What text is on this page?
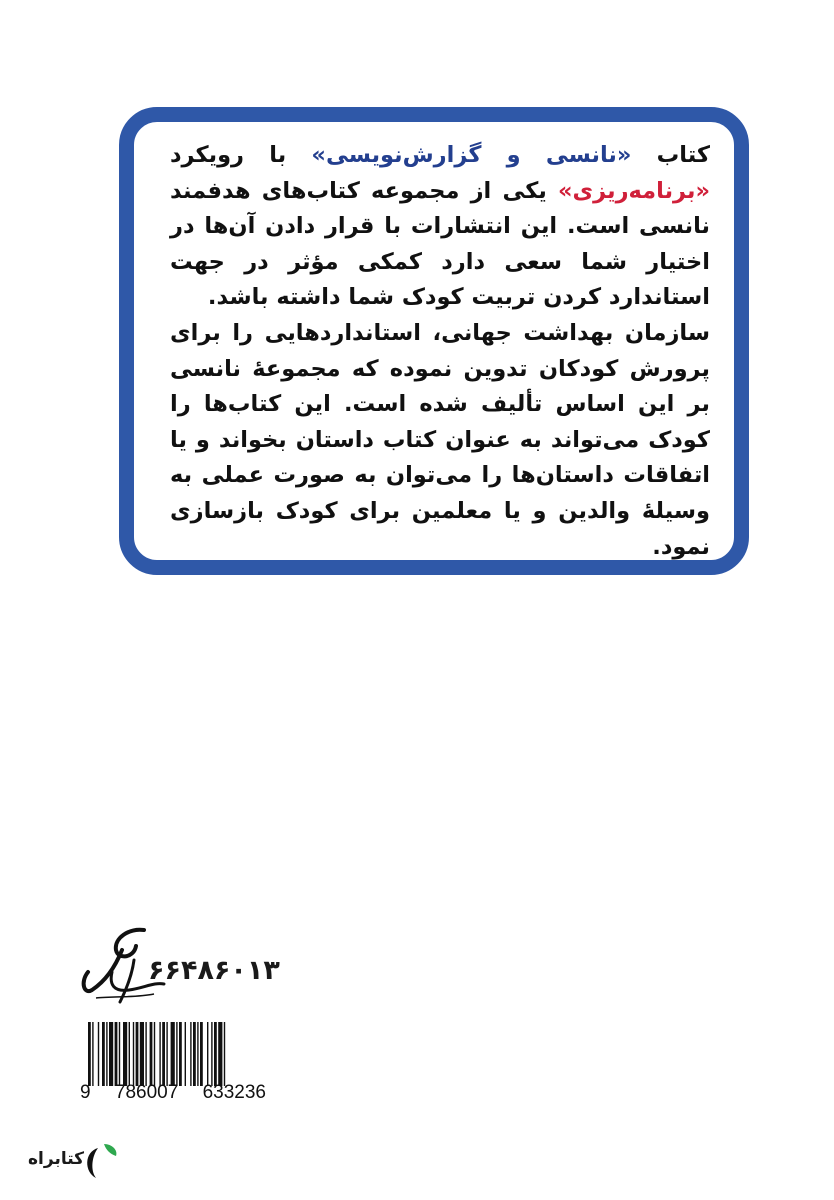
کتاب «نانسی و گزارش‌نویسی» با رویکرد «برنامه‌ریزی» یکی از مجموعه کتاب‌های هدفمند نانسی است. این انتشارات با قرار دادن آن‌ها در اختیار شما سعی دارد کمکی مؤثر در جهت استاندارد کردن تربیت کودک شما داشته باشد.

سازمان بهداشت جهانی، استانداردهایی را برای پرورش کودکان تدوین نموده که مجموعۀ نانسی بر این اساس تألیف شده است. این کتاب‌ها را کودک می‌تواند به عنوان کتاب داستان بخواند و یا اتفاقات داستان‌ها را می‌توان به صورت عملی به وسیلۀ والدین و یا معلمین برای کودک بازسازی نمود.

۶۶۴۸۶۰۱۳
9 786007 633236
کتابراه
